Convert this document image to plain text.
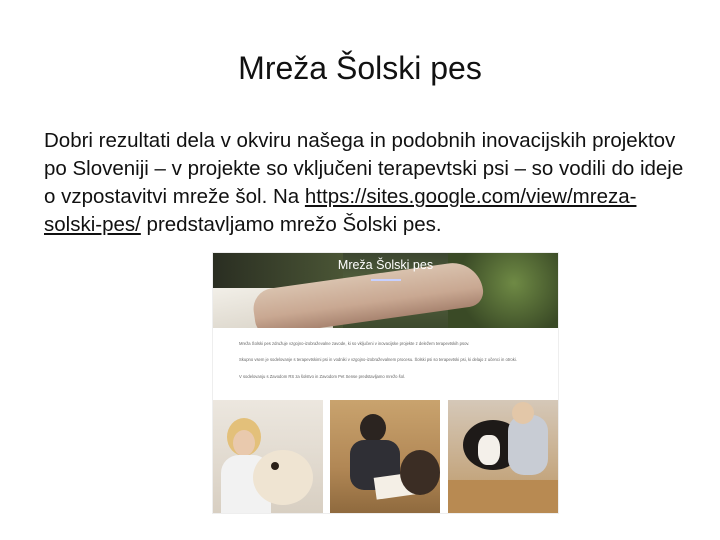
Mreža Šolski pes
Dobri rezultati dela v okviru našega in podobnih inovacijskih projektov po Sloveniji – v projekte so vključeni terapevtski psi – so vodili do ideje o vzpostavitvi mreže šol. Na https://sites.google.com/view/mreza-solski-pes/ predstavljamo mrežo Šolski pes.
Mreža Šolski pes
Mreža Šolski pes združuje vzgojno-izobraževalne zavode, ki so vključeni v inovacijske projekte z deležem terapevtskih psov.
Skupno vsem je sodelovanje s terapevtskimi psi in vodniki v vzgojno-izobraževalnem procesu. Šolski psi so terapevtski psi, ki delajo z učenci in otroki.
V sodelovanju s Zavodom RS za šolstvo in Zavodom Pet Sense predstavljamo mrežo šol.
